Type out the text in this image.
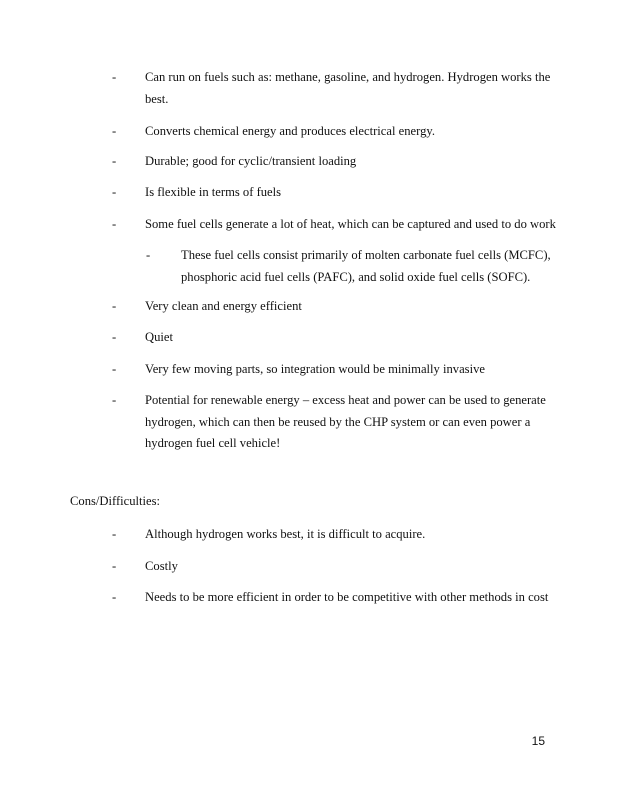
- Can run on fuels such as: methane, gasoline, and hydrogen. Hydrogen works the best.
- Converts chemical energy and produces electrical energy.
- Durable; good for cyclic/transient loading
- Is flexible in terms of fuels
- Some fuel cells generate a lot of heat, which can be captured and used to do work
- These fuel cells consist primarily of molten carbonate fuel cells (MCFC), phosphoric acid fuel cells (PAFC), and solid oxide fuel cells (SOFC).
- Very clean and energy efficient
- Quiet
- Very few moving parts, so integration would be minimally invasive
- Potential for renewable energy – excess heat and power can be used to generate hydrogen, which can then be reused by the CHP system or can even power a hydrogen fuel cell vehicle!
Cons/Difficulties:
- Although hydrogen works best, it is difficult to acquire.
- Costly
- Needs to be more efficient in order to be competitive with other methods in cost
15
